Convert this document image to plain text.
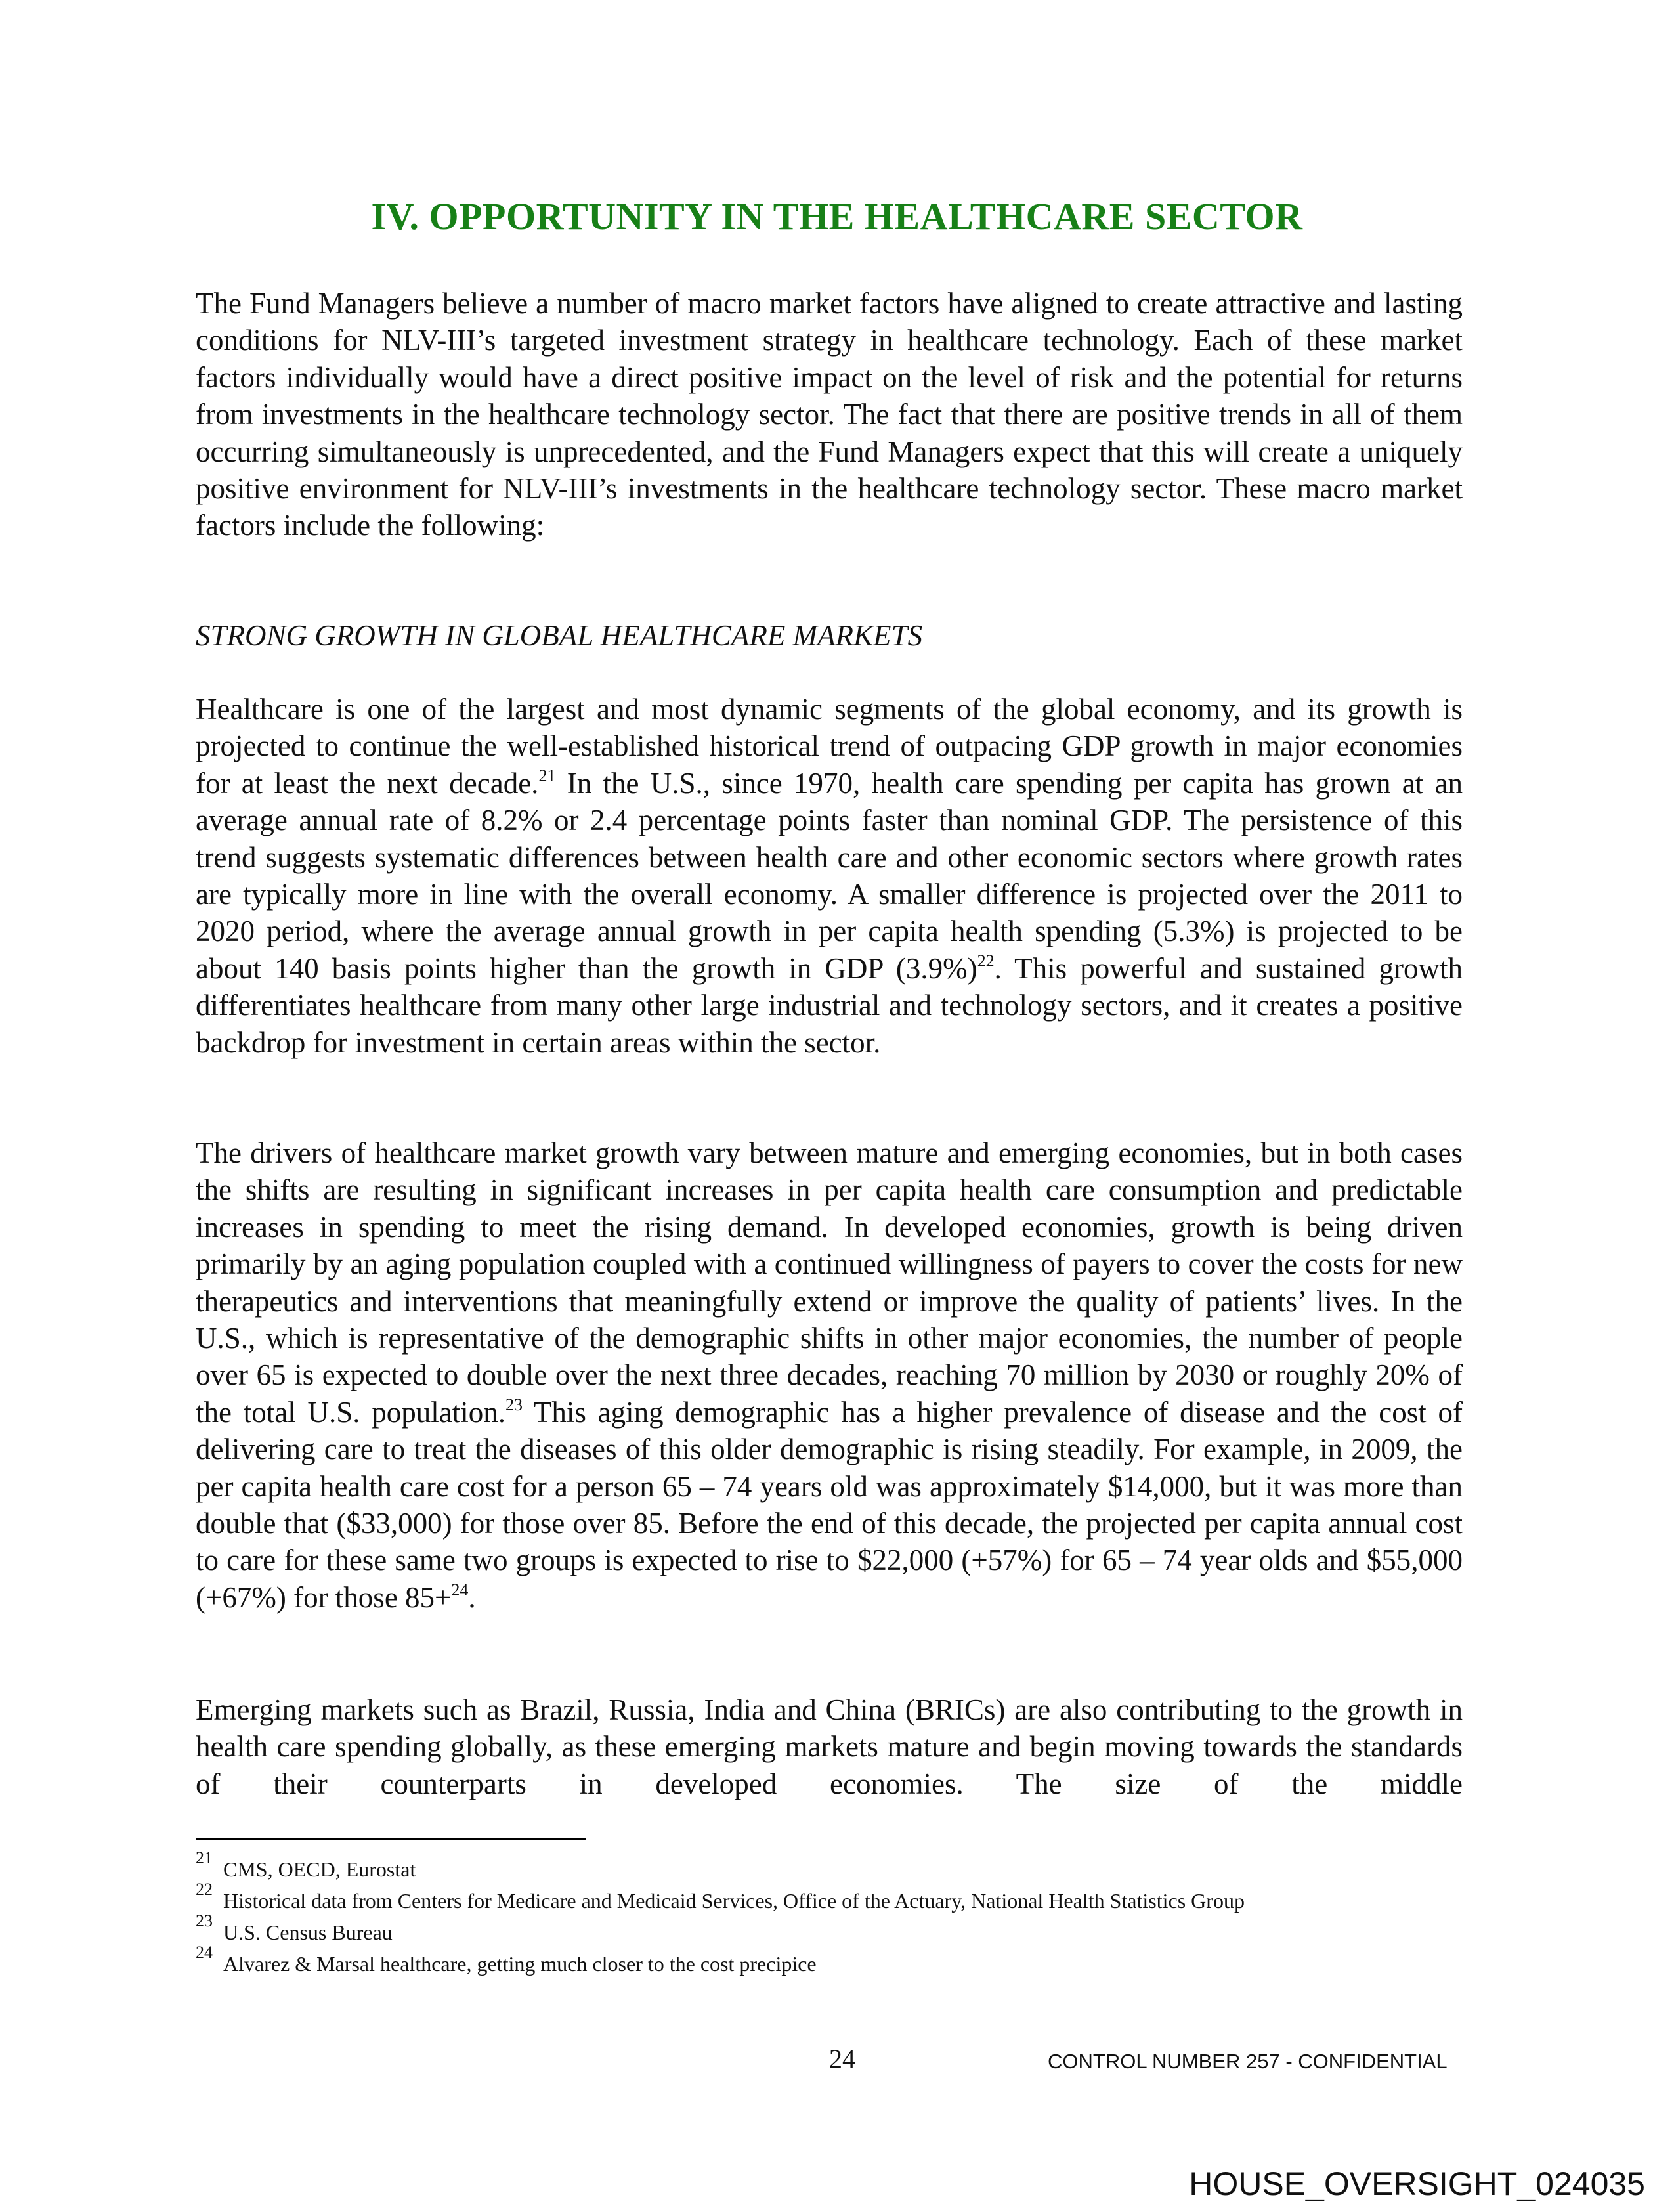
IV. OPPORTUNITY IN THE HEALTHCARE SECTOR

The Fund Managers believe a number of macro market factors have aligned to create attractive and lasting conditions for NLV-III’s targeted investment strategy in healthcare technology. Each of these market factors individually would have a direct positive impact on the level of risk and the potential for returns from investments in the healthcare technology sector. The fact that there are positive trends in all of them occurring simultaneously is unprecedented, and the Fund Managers expect that this will create a uniquely positive environment for NLV-III’s investments in the healthcare technology sector. These macro market factors include the following:

STRONG GROWTH IN GLOBAL HEALTHCARE MARKETS

Healthcare is one of the largest and most dynamic segments of the global economy, and its growth is projected to continue the well-established historical trend of outpacing GDP growth in major economies for at least the next decade.$^{21}$ In the U.S., since 1970, health care spending per capita has grown at an average annual rate of 8.2% or 2.4 percentage points faster than nominal GDP. The persistence of this trend suggests systematic differences between health care and other economic sectors where growth rates are typically more in line with the overall economy. A smaller difference is projected over the 2011 to 2020 period, where the average annual growth in per capita health spending (5.3%) is projected to be about 140 basis points higher than the growth in GDP $(3.9\%)^{22}$. This powerful and sustained growth differentiates healthcare from many other large industrial and technology sectors, and it creates a positive backdrop for investment in certain areas within the sector.

The drivers of healthcare market growth vary between mature and emerging economies, but in both cases the shifts are resulting in significant increases in per capita health care consumption and predictable increases in spending to meet the rising demand. In developed economies, growth is being driven primarily by an aging population coupled with a continued willingness of payers to cover the costs for new therapeutics and interventions that meaningfully extend or improve the quality of patients’ lives. In the U.S., which is representative of the demographic shifts in other major economies, the number of people over 65 is expected to double over the next three decades, reaching 70 million by 2030 or roughly 20% of the total U.S. population.$^{23}$ This aging demographic has a higher prevalence of disease and the cost of delivering care to treat the diseases of this older demographic is rising steadily. For example, in 2009, the per capita health care cost for a person 65 – 74 years old was approximately $14,000, but it was more than double that ($33,000) for those over 85. Before the end of this decade, the projected per capita annual cost to care for these same two groups is expected to rise to $22,000 (+57%) for 65 – 74 year olds and $55,000 (+67%) for those 85+$^{24}$.

Emerging markets such as Brazil, Russia, India and China (BRICs) are also contributing to the growth in health care spending globally, as these emerging markets mature and begin moving towards the standards of their counterparts in developed economies. The size of the middle

21 CMS, OECD, Eurostat
22 Historical data from Centers for Medicare and Medicaid Services, Office of the Actuary, National Health Statistics Group
23 U.S. Census Bureau
24 Alvarez & Marsal healthcare, getting much closer to the cost precipice
24	CONTROL NUMBER 257 - CONFIDENTIAL
HOUSE_OVERSIGHT_024035
